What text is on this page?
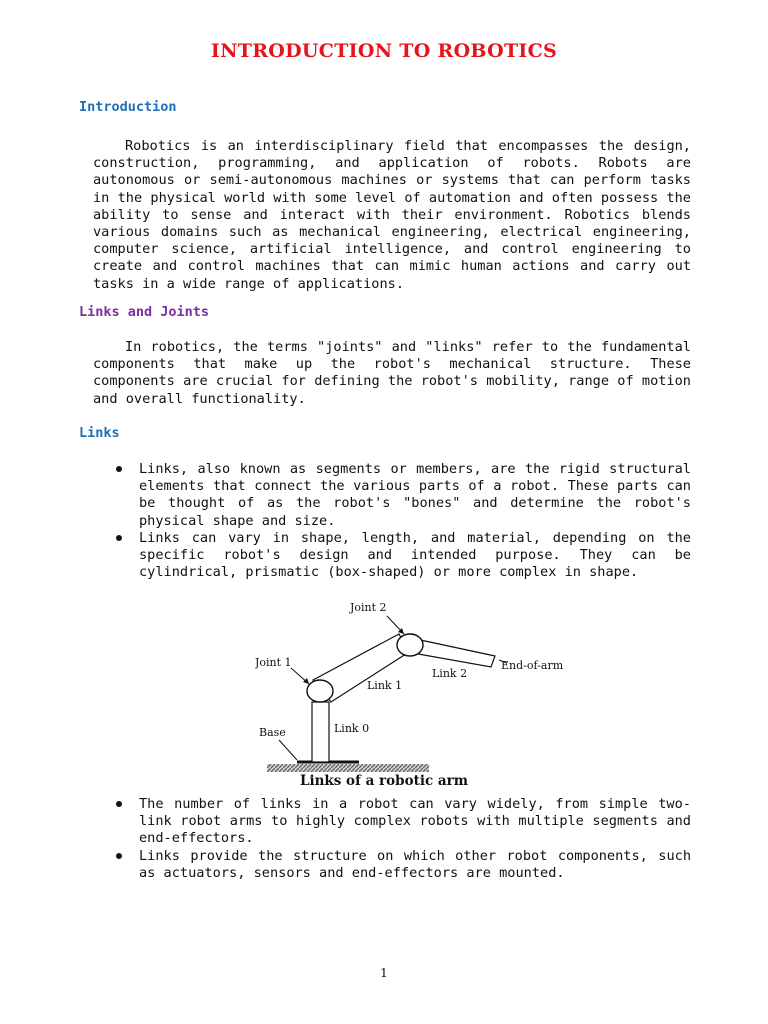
INTRODUCTION TO ROBOTICS
Introduction

Robotics is an interdisciplinary field that encompasses the design, construction, programming, and application of robots. Robots are autonomous or semi-autonomous machines or systems that can perform tasks in the physical world with some level of automation and often possess the ability to sense and interact with their environment. Robotics blends various domains such as mechanical engineering, electrical engineering, computer science, artificial intelligence, and control engineering to create and control machines that can mimic human actions and carry out tasks in a wide range of applications.

Links and Joints

In robotics, the terms "joints" and "links" refer to the fundamental components that make up the robot's mechanical structure. These components are crucial for defining the robot's mobility, range of motion and overall functionality.

Links
Links, also known as segments or members, are the rigid structural elements that connect the various parts of a robot. These parts can be thought of as the robot's "bones" and determine the robot's physical shape and size.
Links can vary in shape, length, and material, depending on the specific robot's design and intended purpose. They can be cylindrical, prismatic (box-shaped) or more complex in shape.
Joint 2
Joint 1
Link 2
End-of-arm
Link 1
Base	Link 0
Links of a robotic arm
The number of links in a robot can vary widely, from simple two-link robot arms to highly complex robots with multiple segments and end-effectors.
Links provide the structure on which other robot components, such as actuators, sensors and end-effectors are mounted.
1
